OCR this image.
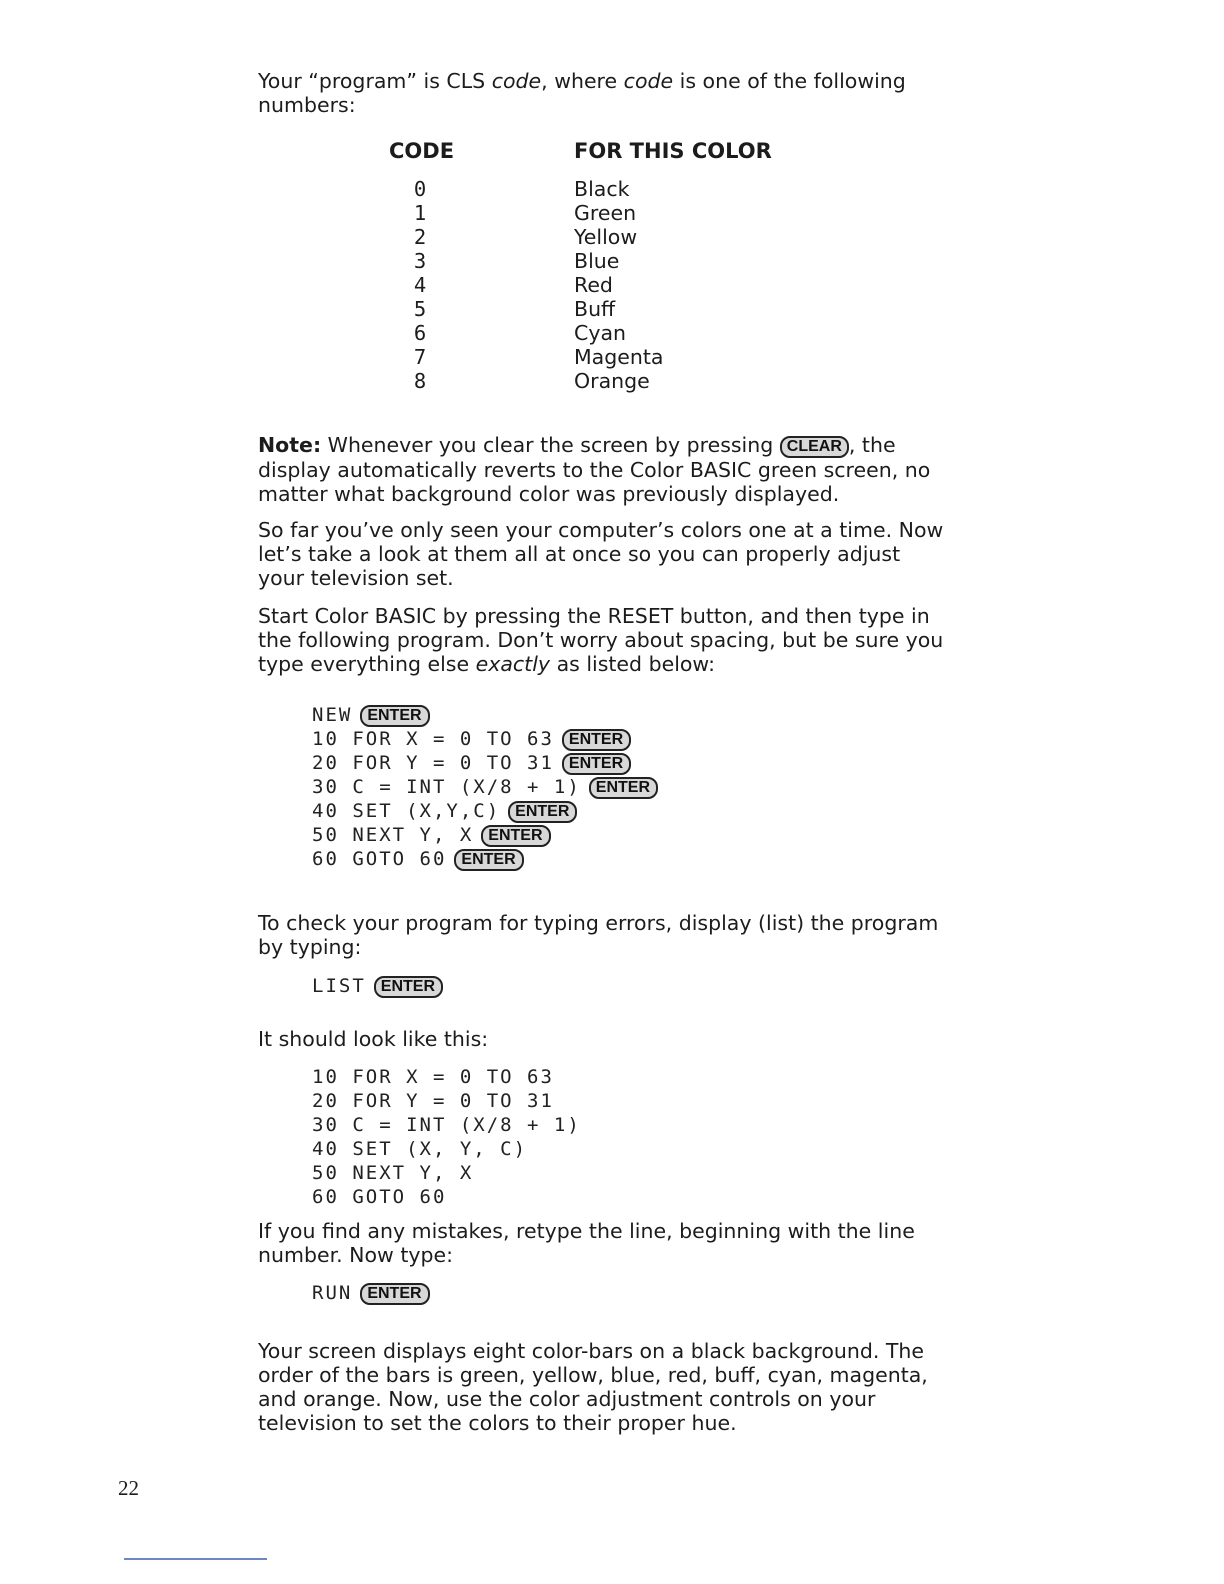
Your “program” is CLS code, where code is one of the following numbers:

CODE	FOR THIS COLOR
0	Black
1	Green
2	Yellow
3	Blue
4	Red
5	Buff
6	Cyan
7	Magenta
8	Orange

Note: Whenever you clear the screen by pressing CLEAR , the display automatically reverts to the Color BASIC green screen, no matter what background color was previously displayed.

So far you’ve only seen your computer’s colors one at a time. Now let’s take a look at them all at once so you can properly adjust your television set.

Start Color BASIC by pressing the RESET button, and then type in the following program. Don’t worry about spacing, but be sure you type everything else exactly as listed below:

NEW ENTER
10 FOR X = 0 TO 63 ENTER
20 FOR Y = 0 TO 31 ENTER
30 C = INT (X/8 + 1) ENTER
40 SET (X,Y,C) ENTER
50 NEXT Y, X ENTER
60 GOTO 60 ENTER

To check your program for typing errors, display (list) the program by typing:

LIST ENTER

It should look like this:

10 FOR X = 0 TO 63
20 FOR Y = 0 TO 31
30 C = INT (X/8 + 1)
40 SET (X, Y, C)
50 NEXT Y, X
60 GOTO 60

If you find any mistakes, retype the line, beginning with the line number. Now type:

RUN ENTER

Your screen displays eight color-bars on a black background. The order of the bars is green, yellow, blue, red, buff, cyan, magenta, and orange. Now, use the color adjustment controls on your television to set the colors to their proper hue.

22
